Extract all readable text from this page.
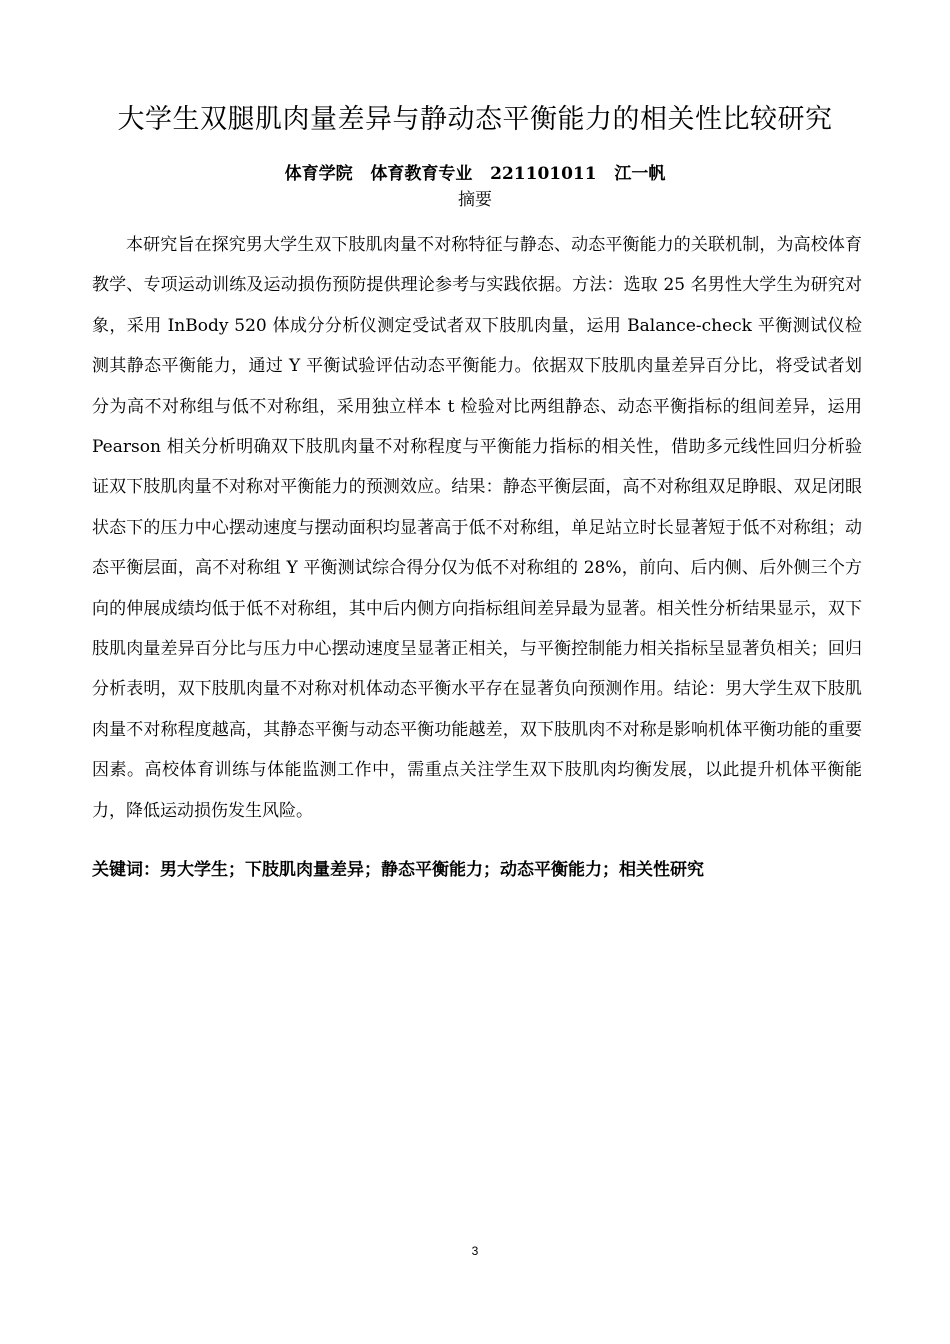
大学生双腿肌肉量差异与静动态平衡能力的相关性比较研究
体育学院   体育教育专业   221101011   江一帆
摘要

本研究旨在探究男大学生双下肢肌肉量不对称特征与静态、动态平衡能力的关联机制，为高校体育教学、专项运动训练及运动损伤预防提供理论参考与实践依据。方法：选取 25 名男性大学生为研究对象，采用 InBody 520 体成分分析仪测定受试者双下肢肌肉量，运用 Balance-check 平衡测试仪检测其静态平衡能力，通过 Y 平衡试验评估动态平衡能力。依据双下肢肌肉量差异百分比，将受试者划分为高不对称组与低不对称组，采用独立样本 t 检验对比两组静态、动态平衡指标的组间差异，运用 Pearson 相关分析明确双下肢肌肉量不对称程度与平衡能力指标的相关性，借助多元线性回归分析验证双下肢肌肉量不对称对平衡能力的预测效应。结果：静态平衡层面，高不对称组双足睁眼、双足闭眼状态下的压力中心摆动速度与摆动面积均显著高于低不对称组，单足站立时长显著短于低不对称组；动态平衡层面，高不对称组 Y 平衡测试综合得分仅为低不对称组的 28%，前向、后内侧、后外侧三个方向的伸展成绩均低于低不对称组，其中后内侧方向指标组间差异最为显著。相关性分析结果显示，双下肢肌肉量差异百分比与压力中心摆动速度呈显著正相关，与平衡控制能力相关指标呈显著负相关；回归分析表明，双下肢肌肉量不对称对机体动态平衡水平存在显著负向预测作用。结论：男大学生双下肢肌肉量不对称程度越高，其静态平衡与动态平衡功能越差，双下肢肌肉不对称是影响机体平衡功能的重要因素。高校体育训练与体能监测工作中，需重点关注学生双下肢肌肉均衡发展，以此提升机体平衡能力，降低运动损伤发生风险。

关键词：男大学生；下肢肌肉量差异；静态平衡能力；动态平衡能力；相关性研究
3
